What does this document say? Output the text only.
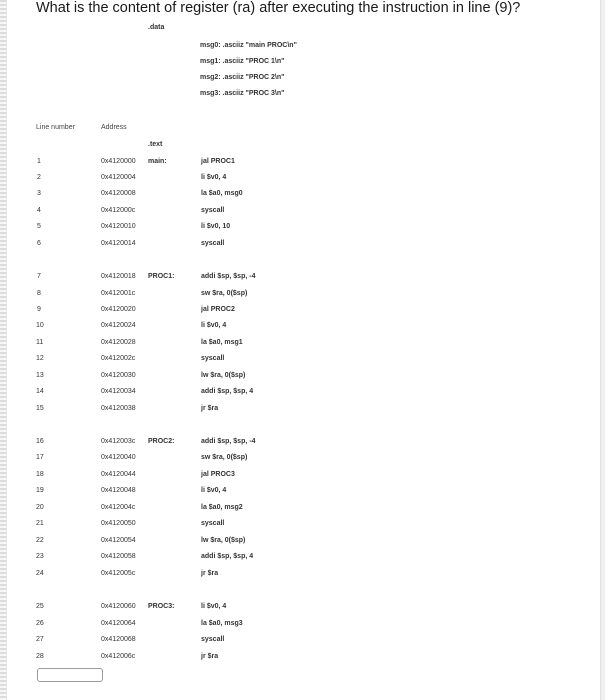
What is the content of register (ra) after executing the instruction in line (9)?
.data
msg0: .asciiz "main PROC\n"
msg1: .asciiz "PROC 1\n"
msg2: .asciiz "PROC 2\n"
msg3: .asciiz "PROC 3\n"
Line number	Address
.text
1	0x4120000 main:	jal PROC1
2	0x4120004	li $v0, 4
3	0x4120008	la $a0, msg0
4	0x412000c	syscall
5	0x4120010	li $v0, 10
6	0x4120014	syscall
7	0x4120018 PROC1:	addi $sp, $sp, -4
8	0x412001c	sw $ra, 0($sp)
9	0x4120020	jal PROC2
10	0x4120024	li $v0, 4
11	0x4120028	la $a0, msg1
12	0x412002c	syscall
13	0x4120030	lw $ra, 0($sp)
14	0x4120034	addi $sp, $sp, 4
15	0x4120038	jr $ra
16	0x412003c PROC2:	addi $sp, $sp, -4
17	0x4120040	sw $ra, 0($sp)
18	0x4120044	jal PROC3
19	0x4120048	li $v0, 4
20	0x412004c	la $a0, msg2
21	0x4120050	syscall
22	0x4120054	lw $ra, 0($sp)
23	0x4120058	addi $sp, $sp, 4
24	0x412005c	jr $ra
25	0x4120060 PROC3:	li $v0, 4
26	0x4120064	la $a0, msg3
27	0x4120068	syscall
28	0x412006c	jr $ra
